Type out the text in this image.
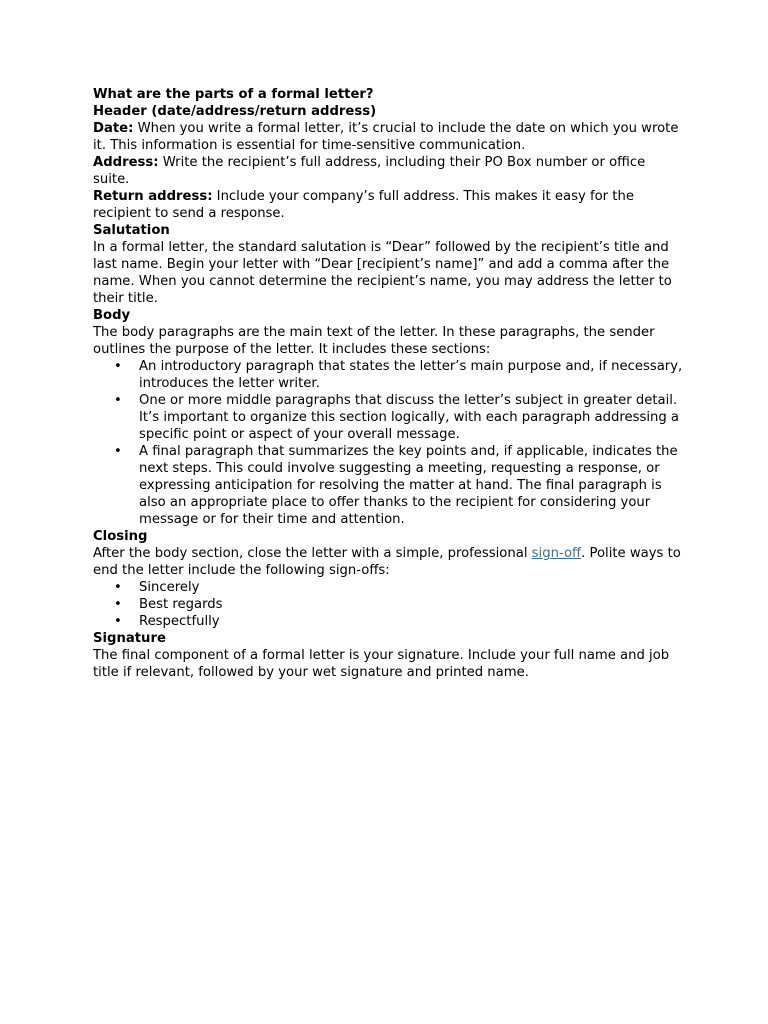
What are the parts of a formal letter?

Header (date/address/return address)

Date: When you write a formal letter, it’s crucial to include the date on which you wrote it. This information is essential for time-sensitive communication.

Address: Write the recipient’s full address, including their PO Box number or office suite.

Return address: Include your company’s full address. This makes it easy for the recipient to send a response.

Salutation

In a formal letter, the standard salutation is “Dear” followed by the recipient’s title and last name. Begin your letter with “Dear [recipient’s name]” and add a comma after the name. When you cannot determine the recipient’s name, you may address the letter to their title.

Body

The body paragraphs are the main text of the letter. In these paragraphs, the sender outlines the purpose of the letter. It includes these sections:

• An introductory paragraph that states the letter’s main purpose and, if necessary, introduces the letter writer.
• One or more middle paragraphs that discuss the letter’s subject in greater detail. It’s important to organize this section logically, with each paragraph addressing a specific point or aspect of your overall message.
• A final paragraph that summarizes the key points and, if applicable, indicates the next steps. This could involve suggesting a meeting, requesting a response, or expressing anticipation for resolving the matter at hand. The final paragraph is also an appropriate place to offer thanks to the recipient for considering your message or for their time and attention.

Closing

After the body section, close the letter with a simple, professional sign-off. Polite ways to end the letter include the following sign-offs:

• Sincerely
• Best regards
• Respectfully

Signature

The final component of a formal letter is your signature. Include your full name and job title if relevant, followed by your wet signature and printed name.
